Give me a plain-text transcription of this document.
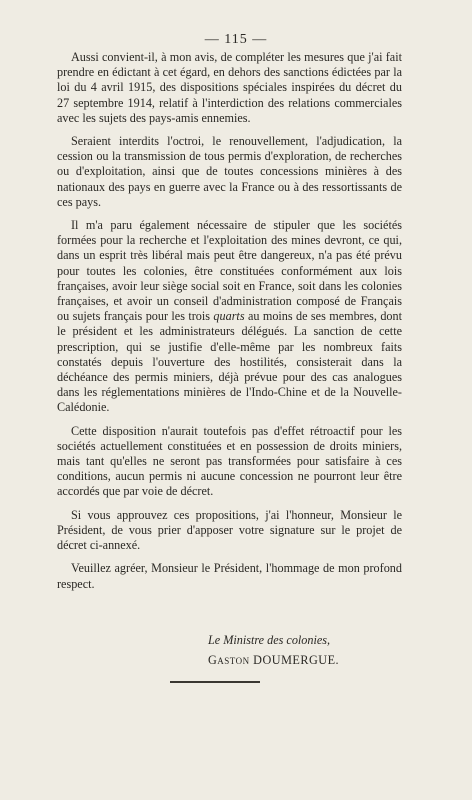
— 115 —

Aussi convient-il, à mon avis, de compléter les mesures que j'ai fait prendre en édictant à cet égard, en dehors des sanctions édictées par la loi du 4 avril 1915, des dispositions spéciales inspirées du décret du 27 septembre 1914, relatif à l'interdiction des relations commerciales avec les sujets des pays-amis ennemies.

Seraient interdits l'octroi, le renouvellement, l'adjudication, la cession ou la transmission de tous permis d'exploration, de recherches ou d'exploitation, ainsi que de toutes concessions minières à des nationaux des pays en guerre avec la France ou à des ressortissants de ces pays.

Il m'a paru également nécessaire de stipuler que les sociétés formées pour la recherche et l'exploitation des mines devront, ce qui, dans un esprit très libéral mais peut être dangereux, n'a pas été prévu pour toutes les colonies, être constituées conformément aux lois françaises, avoir leur siège social soit en France, soit dans les colonies françaises, et avoir un conseil d'administration composé de Français ou sujets français pour les trois quarts au moins de ses membres, dont le président et les administrateurs délégués. La sanction de cette prescription, qui se justifie d'elle-même par les nombreux faits constatés depuis l'ouverture des hostilités, consisterait dans la déchéance des permis miniers, déjà prévue pour des cas analogues dans les réglementations minières de l'Indo-Chine et de la Nouvelle-Calédonie.

Cette disposition n'aurait toutefois pas d'effet rétroactif pour les sociétés actuellement constituées et en possession de droits miniers, mais tant qu'elles ne seront pas transformées pour satisfaire à ces conditions, aucun permis ni aucune concession ne pourront leur être accordés que par voie de décret.

Si vous approuvez ces propositions, j'ai l'honneur, Monsieur le Président, de vous prier d'apposer votre signature sur le projet de décret ci-annexé.

Veuillez agréer, Monsieur le Président, l'hommage de mon profond respect.

Le Ministre des colonies,
Gaston DOUMERGUE.
